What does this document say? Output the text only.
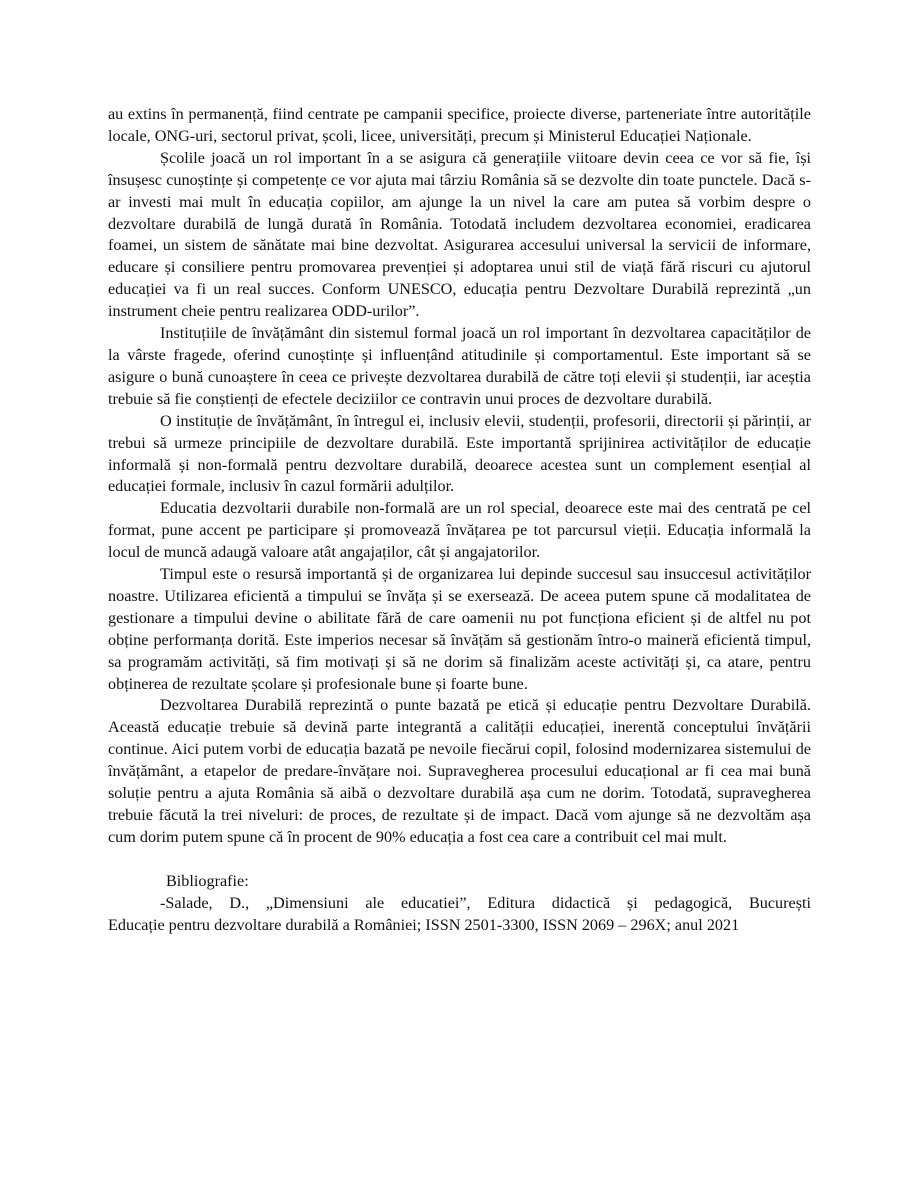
au extins în permanență, fiind centrate pe campanii specifice, proiecte diverse, parteneriate între autoritățile locale, ONG-uri, sectorul privat, școli, licee, universități, precum și Ministerul Educației Naționale.

Școlile joacă un rol important în a se asigura că generațiile viitoare devin ceea ce vor să fie, își însușesc cunoștințe și competențe ce vor ajuta mai târziu România să se dezvolte din toate punctele. Dacă s-ar investi mai mult în educația copiilor, am ajunge la un nivel la care am putea să vorbim despre o dezvoltare durabilă de lungă durată în România. Totodată includem dezvoltarea economiei, eradicarea foamei, un sistem de sănătate mai bine dezvoltat. Asigurarea accesului universal la servicii de informare, educare și consiliere pentru promovarea prevenției și adoptarea unui stil de viață fără riscuri cu ajutorul educației va fi un real succes. Conform UNESCO, educația pentru Dezvoltare Durabilă reprezintă „un instrument cheie pentru realizarea ODD-urilor”.

Instituțiile de învățământ din sistemul formal joacă un rol important în dezvoltarea capacităților de la vârste fragede, oferind cunoștințe și influențând atitudinile și comportamentul. Este important să se asigure o bună cunoaștere în ceea ce privește dezvoltarea durabilă de către toți elevii și studenții, iar aceștia trebuie să fie conștienți de efectele deciziilor ce contravin unui proces de dezvoltare durabilă.

O instituție de învățământ, în întregul ei, inclusiv elevii, studenții, profesorii, directorii și părinții, ar trebui să urmeze principiile de dezvoltare durabilă. Este importantă sprijinirea activităților de educație informală și non-formală pentru dezvoltare durabilă, deoarece acestea sunt un complement esențial al educației formale, inclusiv în cazul formării adulților.

Educatia dezvoltarii durabile non-formală are un rol special, deoarece este mai des centrată pe cel format, pune accent pe participare și promovează învățarea pe tot parcursul vieții. Educația informală la locul de muncă adaugă valoare atât angajaților, cât și angajatorilor.

Timpul este o resursă importantă și de organizarea lui depinde succesul sau insuccesul activităților noastre. Utilizarea eficientă a timpului se învăța și se exersează. De aceea putem spune că modalitatea de gestionare a timpului devine o abilitate fără de care oamenii nu pot funcționa eficient și de altfel nu pot obține performanța dorită. Este imperios necesar să învățăm să gestionăm întro-o maineră eficientă timpul, sa programăm activități, să fim motivați și să ne dorim să finalizăm aceste activități și, ca atare, pentru obținerea de rezultate școlare și profesionale bune și foarte bune.

Dezvoltarea Durabilă reprezintă o punte bazată pe etică și educație pentru Dezvoltare Durabilă. Această educație trebuie să devină parte integrantă a calității educației, inerentă conceptului învățării continue. Aici putem vorbi de educația bazată pe nevoile fiecărui copil, folosind modernizarea sistemului de învățământ, a etapelor de predare-învățare noi. Supravegherea procesului educațional ar fi cea mai bună soluție pentru a ajuta România să aibă o dezvoltare durabilă așa cum ne dorim. Totodată, supravegherea trebuie făcută la trei niveluri: de proces, de rezultate și de impact. Dacă vom ajunge să ne dezvoltăm așa cum dorim putem spune că în procent de 90% educația a fost cea care a contribuit cel mai mult.

Bibliografie:

-Salade, D., „Dimensiuni ale educatiei”, Editura didactică și pedagogică, București

Educație pentru dezvoltare durabilă a României; ISSN 2501-3300, ISSN 2069 – 296X; anul 2021
